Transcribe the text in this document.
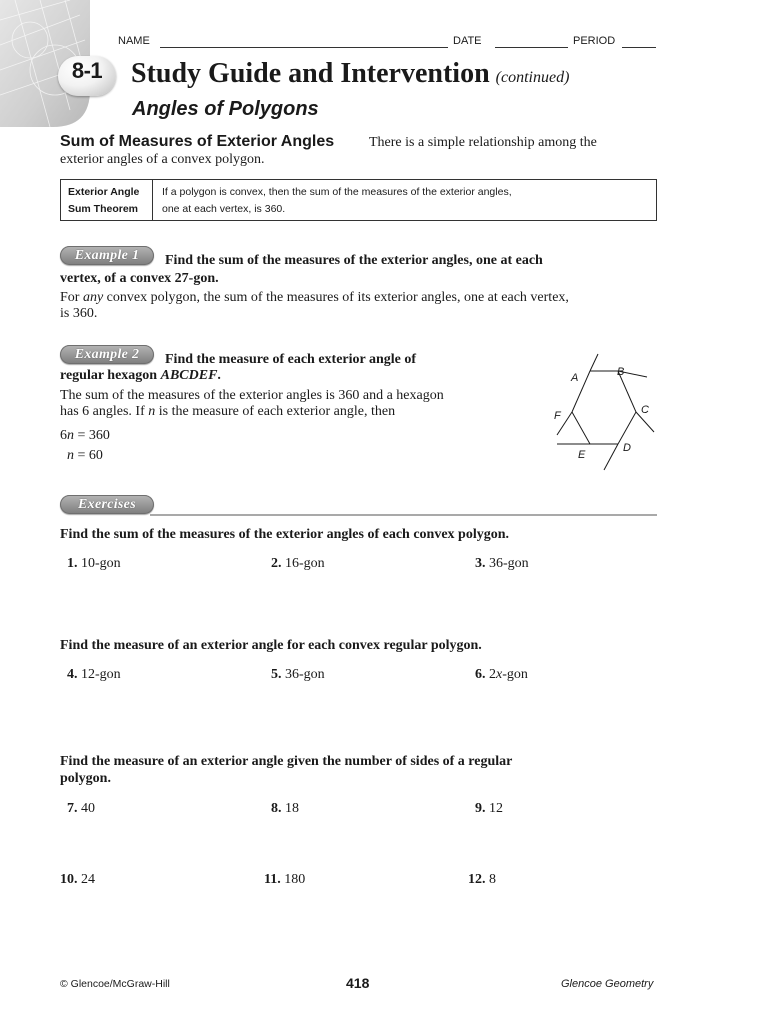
NAME	DATE	PERIOD
8-1	Study Guide and Intervention (continued)
Angles of Polygons
Sum of Measures of Exterior Angles There is a simple relationship among the
exterior angles of a convex polygon.
Exterior Angle
Sum Theorem
If a polygon is convex, then the sum of the measures of the exterior angles,
one at each vertex, is 360.
Example 1	Find the sum of the measures of the exterior angles, one at each
vertex, of a convex 27-gon.
For any convex polygon, the sum of the measures of its exterior angles, one at each vertex,
is 360.
Example 2	Find the measure of each exterior angle of
regular hexagon ABCDEF.
The sum of the measures of the exterior angles is 360 and a hexagon
has 6 angles. If n is the measure of each exterior angle, then
6n = 360
n = 60
A	B
C
D
E
F
Exercises
Find the sum of the measures of the exterior angles of each convex polygon.
1. 10-gon	2. 16-gon	3. 36-gon
Find the measure of an exterior angle for each convex regular polygon.
4. 12-gon	5. 36-gon	6. 2x-gon
Find the measure of an exterior angle given the number of sides of a regular
polygon.
7. 40	8. 18	9. 12
10. 24	11. 180	12. 8
© Glencoe/McGraw-Hill	418	Glencoe Geometry
